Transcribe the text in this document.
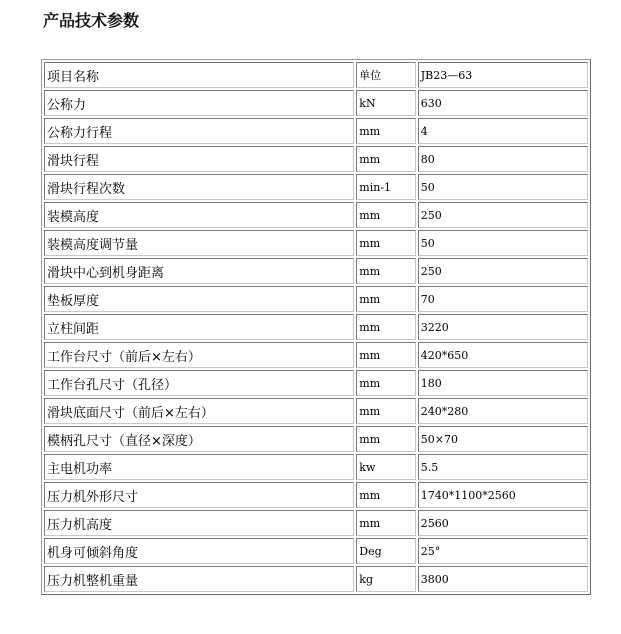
产品技术参数
项目名称	单位	JB23—63
公称力	kN	630
公称力行程	mm	4
滑块行程	mm	80
滑块行程次数	min-1	50
装模高度	mm	250
装模高度调节量	mm	50
滑块中心到机身距离	mm	250
垫板厚度	mm	70
立柱间距	mm	3220
工作台尺寸（前后×左右）	mm	420*650
工作台孔尺寸（孔径）	mm	180
滑块底面尺寸（前后×左右）	mm	240*280
模柄孔尺寸（直径×深度）	mm	50×70
主电机功率	kw	5.5
压力机外形尺寸	mm	1740*1100*2560
压力机高度	mm	2560
机身可倾斜角度	Deg	25°
压力机整机重量	kg	3800
